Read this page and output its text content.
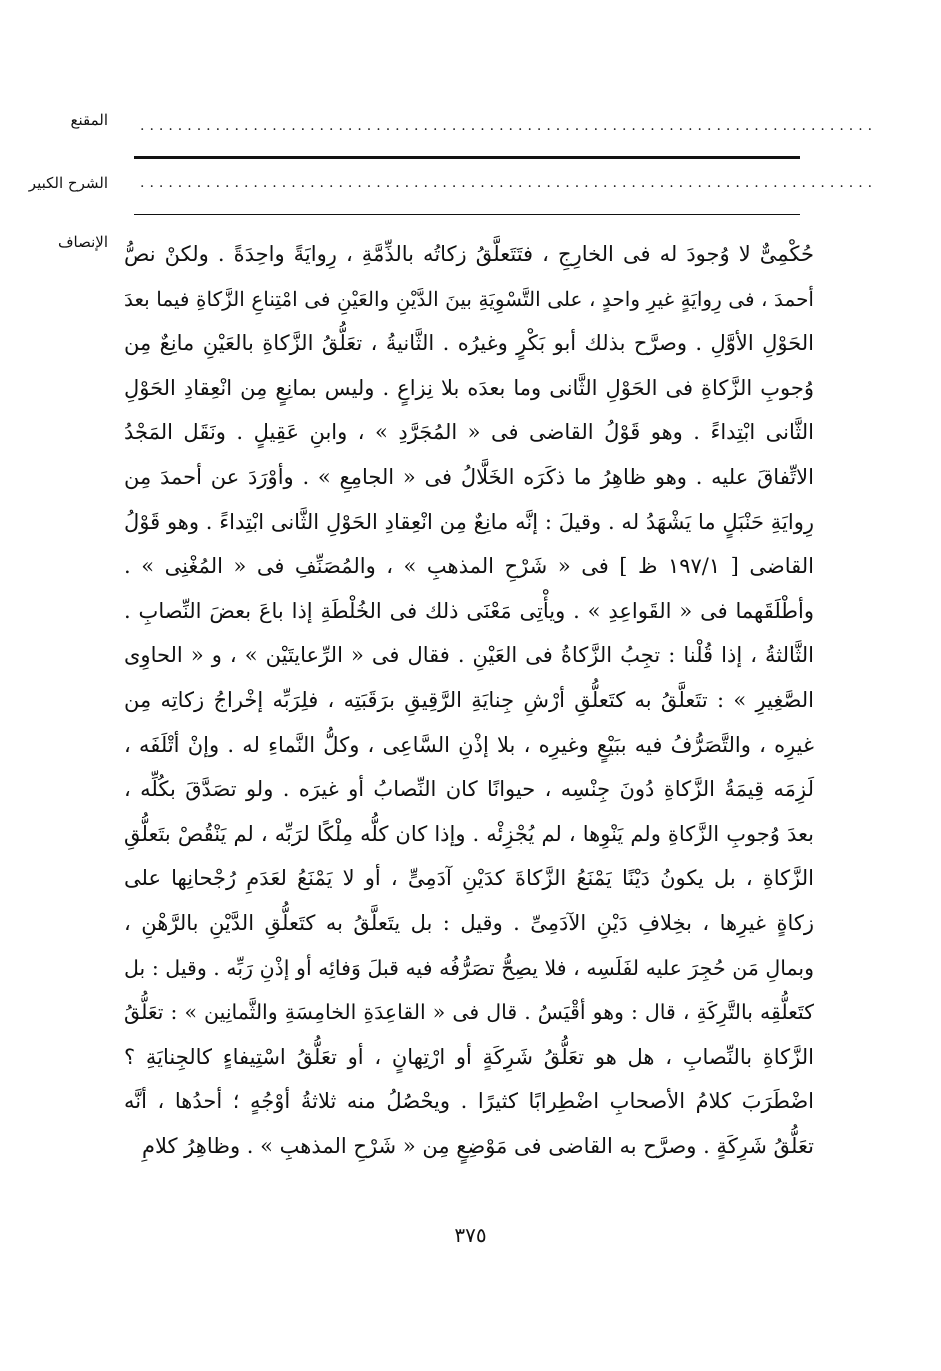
المقنع ..............................................................................
الشرح الكبير ..............................................................................
الإنصاف حُكْمِىٌّ لا وُجودَ له فى الخارِجِ ، فتَتَعلَّقُ زكاتُه بالذِّمَّةِ ، رِوايَةً واحِدَةً . ولكنْ نصُّ
أحمدَ ، فى رِوايَةٍ غيرِ واحدٍ ، على التَّسْوِيَةِ بينَ الدَّيْنِ والعَيْنِ فى امْتِناعِ الزَّكاةِ فيما بعدَ
الحَوْلِ الأوَّلِ . وصرَّح بذلك أبو بَكْرٍ وغيرُه . الثَّانيةُ ، تعَلُّقُ الزَّكاةِ بالعَيْنِ مانِعٌ مِن
وُجوبِ الزَّكاةِ فى الحَوْلِ الثَّانى وما بعدَه بلا نِزاعٍ . وليس بمانِعٍ مِن انْعِقادِ الحَوْلِ
الثَّانى ابْتِداءً . وهو قَوْلُ القاضى فى « المُجَرَّدِ » ، وابنِ عَقِيلٍ . ونَقَل المَجْدُ
الاتِّفاقَ عليه . وهو ظاهِرُ ما ذكَرَه الخَلَّالُ فى « الجامِعِ » . وأوْرَدَ عن أحمدَ مِن
رِوايَةِ حَنْبَلٍ ما يَشْهَدُ له . وقيلَ : إنَّه مانِعٌ مِن انْعِقادِ الحَوْلِ الثَّانى ابْتِداءً . وهو قَوْلُ
القاضى [ ١٩٧/١ ظ ] فى « شَرْحِ المذهبِ » ، والمُصَنِّفِ فى « المُغْنِى » .
وأطْلَقَهما فى « القَواعِدِ » . ويأْتِى مَعْنَى ذلك فى الخُلْطَةِ إذا باعَ بعضَ النِّصابِ .
الثَّالثةُ ، إذا قُلْنا : تجِبُ الزَّكاةُ فى العَيْنِ . فقال فى « الرِّعايتَيْن » ، و « الحاوِى
الصَّغِيرِ » : تتَعلَّقُ به كتَعلُّقِ أرْشِ جِنايَةِ الرَّقِيقِ برَقَبَتِه ، فلِرَبِّه إخْراجُ زكاتِه مِن
غيرِه ، والتَّصَرُّفُ فيه ببَيْعٍ وغيرِه ، بلا إذْنِ السَّاعِى ، وكلُّ النَّماءِ له . وإنْ أتْلَفَه ،
لَزِمَه قِيمَةُ الزَّكاةِ دُونَ جِنْسِه ، حيوانًا كان النِّصابُ أو غيرَه . ولو تصَدَّقَ بكُلِّه ،
بعدَ وُجوبِ الزَّكاةِ ولم يَنْوِها ، لم يُجْزِئْه . وإذا كان كلُّه مِلْكًا لرَبِّه ، لم يَنْقُصْ بتَعلُّقِ
الزَّكاةِ ، بل يكونُ دَيْنًا يَمْنَعُ الزَّكاةَ كدَيْنِ آدَمِىٍّ ، أو لا يَمْنَعُ لعَدَمِ رُجْحانِها على
زكاةٍ غيرِها ، بخِلافِ دَيْنِ الآدَمِىِّ . وقيل : بل يتَعلَّقُ به كتَعلُّقِ الدَّيْنِ بالرَّهْنِ ،
وبمالِ مَن حُجِرَ عليه لفَلَسِه ، فلا يصِحُّ تصَرُّفُه فيه قبلَ وَفائِه أو إذْنِ رَبِّه . وقيل : بل
كتَعلُّقِه بالتَّرِكَةِ ، قال : وهو أقْيَسُ . قال فى « القاعِدَةِ الخامِسَةِ والثَّمانِين » : تعَلُّقُ
الزَّكاةِ بالنِّصابِ ، هل هو تعَلُّقُ شَرِكَةٍ أو ارْتِهانٍ ، أو تعَلُّقُ اسْتِيفاءٍ كالجِنايَةِ ؟
اضْطَرَبَ كلامُ الأصحابِ اضْطِرابًا كثيرًا . ويحْصُلُ منه ثلاثةُ أوْجُهٍ ؛ أحدُها ، أنَّه
تعَلُّقُ شَرِكَةٍ . وصرَّح به القاضى فى مَوْضِعٍ مِن « شَرْحِ المذهبِ » . وظاهِرُ كلامِ
٣٧٥
